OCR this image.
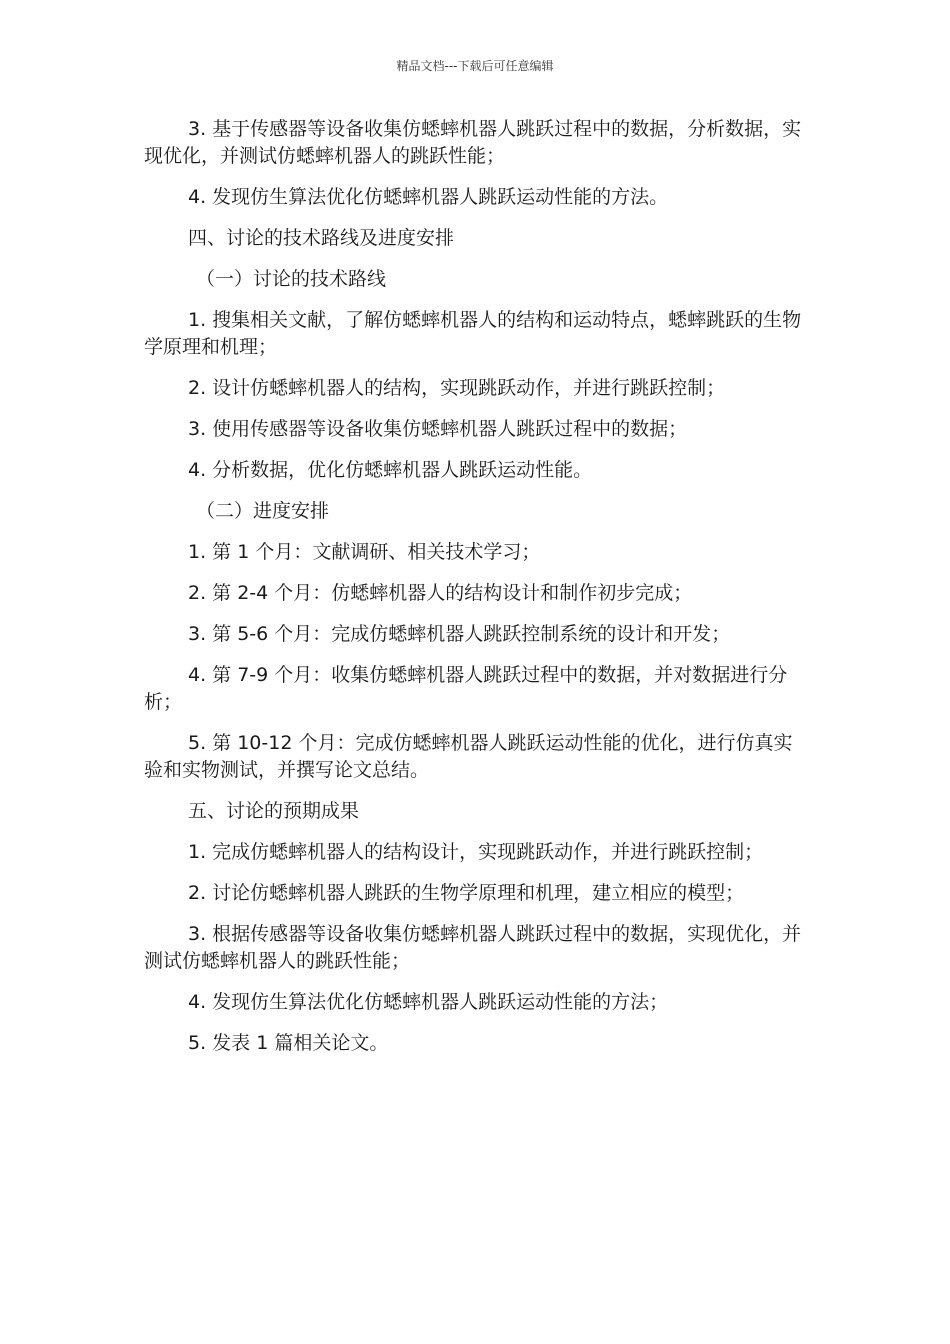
精品文档---下载后可任意编辑

3. 基于传感器等设备收集仿蟋蟀机器人跳跃过程中的数据，分析数据，实现优化，并测试仿蟋蟀机器人的跳跃性能；

4. 发现仿生算法优化仿蟋蟀机器人跳跃运动性能的方法。

四、讨论的技术路线及进度安排

（一）讨论的技术路线

1. 搜集相关文献，了解仿蟋蟀机器人的结构和运动特点，蟋蟀跳跃的生物学原理和机理；

2. 设计仿蟋蟀机器人的结构，实现跳跃动作，并进行跳跃控制；

3. 使用传感器等设备收集仿蟋蟀机器人跳跃过程中的数据；

4. 分析数据，优化仿蟋蟀机器人跳跃运动性能。

（二）进度安排

1. 第 1 个月：文献调研、相关技术学习；

2. 第 2-4 个月：仿蟋蟀机器人的结构设计和制作初步完成；

3. 第 5-6 个月：完成仿蟋蟀机器人跳跃控制系统的设计和开发；

4. 第 7-9 个月：收集仿蟋蟀机器人跳跃过程中的数据，并对数据进行分析；

5. 第 10-12 个月：完成仿蟋蟀机器人跳跃运动性能的优化，进行仿真实验和实物测试，并撰写论文总结。

五、讨论的预期成果

1. 完成仿蟋蟀机器人的结构设计，实现跳跃动作，并进行跳跃控制；

2. 讨论仿蟋蟀机器人跳跃的生物学原理和机理，建立相应的模型；

3. 根据传感器等设备收集仿蟋蟀机器人跳跃过程中的数据，实现优化，并测试仿蟋蟀机器人的跳跃性能；

4. 发现仿生算法优化仿蟋蟀机器人跳跃运动性能的方法；

5. 发表 1 篇相关论文。
